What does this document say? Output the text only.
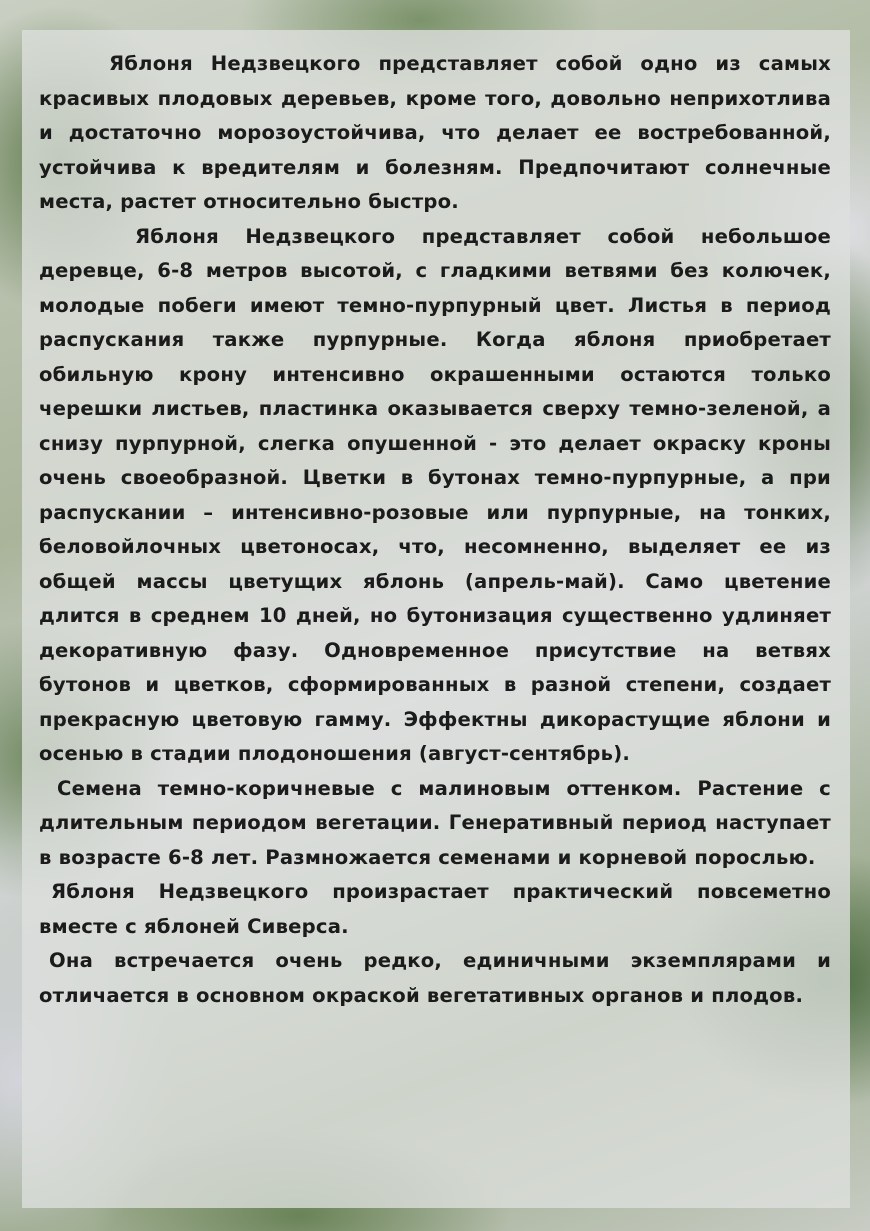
Яблоня Недзвецкого представляет собой одно из самых красивых плодовых деревьев, кроме того, довольно неприхотлива и достаточно морозоустойчива, что делает ее востребованной, устойчива к вредителям и болезням. Предпочитают солнечные места, растет относительно быстро.

Яблоня Недзвецкого представляет собой небольшое деревце, 6-8 метров высотой, с гладкими ветвями без колючек, молодые побеги имеют темно-пурпурный цвет. Листья в период распускания также пурпурные. Когда яблоня приобретает обильную крону интенсивно окрашенными остаются только черешки листьев, пластинка оказывается сверху темно-зеленой, а снизу пурпурной, слегка опушенной - это делает окраску кроны очень своеобразной. Цветки в бутонах темно-пурпурные, а при распускании – интенсивно-розовые или пурпурные, на тонких, беловойлочных цветоносах, что, несомненно, выделяет ее из общей массы цветущих яблонь (апрель-май). Само цветение длится в среднем 10 дней, но бутонизация существенно удлиняет декоративную фазу. Одновременное присутствие на ветвях бутонов и цветков, сформированных в разной степени, создает прекрасную цветовую гамму. Эффектны дикорастущие яблони и осенью в стадии плодоношения (август-сентябрь).

Семена темно-коричневые с малиновым оттенком. Растение с длительным периодом вегетации. Генеративный период наступает в возрасте 6-8 лет. Размножается семенами и корневой порослью.

Яблоня Недзвецкого произрастает практический повсеметно вместе с яблоней Сиверса.

Она встречается очень редко, единичными экземплярами и отличается в основном окраской вегетативных органов и плодов.
